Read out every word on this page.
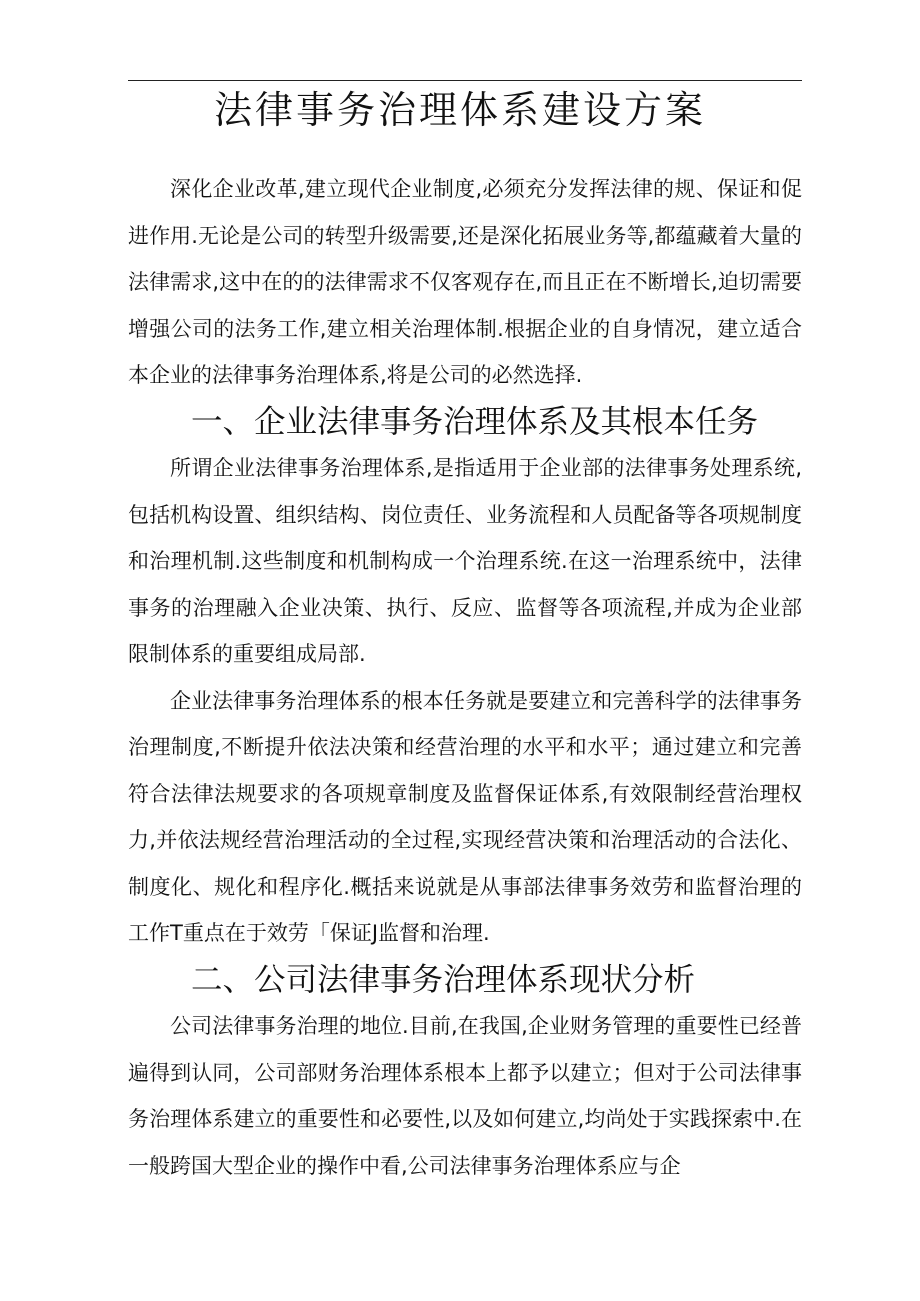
法律事务治理体系建设方案

深化企业改革,建立现代企业制度,必须充分发挥法律的规、保证和促进作用.无论是公司的转型升级需要,还是深化拓展业务等,都蕴藏着大量的法律需求,这中在的的法律需求不仅客观存在,而且正在不断增长,迫切需要增强公司的法务工作,建立相关治理体制.根据企业的自身情况，建立适合本企业的法律事务治理体系,将是公司的必然选择.

一、企业法律事务治理体系及其根本任务

所谓企业法律事务治理体系,是指适用于企业部的法律事务处理系统,包括机构设置、组织结构、岗位责任、业务流程和人员配备等各项规制度和治理机制.这些制度和机制构成一个治理系统.在这一治理系统中，法律事务的治理融入企业决策、执行、反应、监督等各项流程,并成为企业部限制体系的重要组成局部.

企业法律事务治理体系的根本任务就是要建立和完善科学的法律事务治理制度,不断提升依法决策和经营治理的水平和水平；通过建立和完善符合法律法规要求的各项规章制度及监督保证体系,有效限制经营治理权力,并依法规经营治理活动的全过程,实现经营决策和治理活动的合法化、制度化、规化和程序化.概括来说就是从事部法律事务效劳和监督治理的工作T重点在于效劳「保证J监督和治理.

二、公司法律事务治理体系现状分析

公司法律事务治理的地位.目前,在我国,企业财务管理的重要性已经普遍得到认同，公司部财务治理体系根本上都予以建立；但对于公司法律事务治理体系建立的重要性和必要性,以及如何建立,均尚处于实践探索中.在一般跨国大型企业的操作中看,公司法律事务治理体系应与企
